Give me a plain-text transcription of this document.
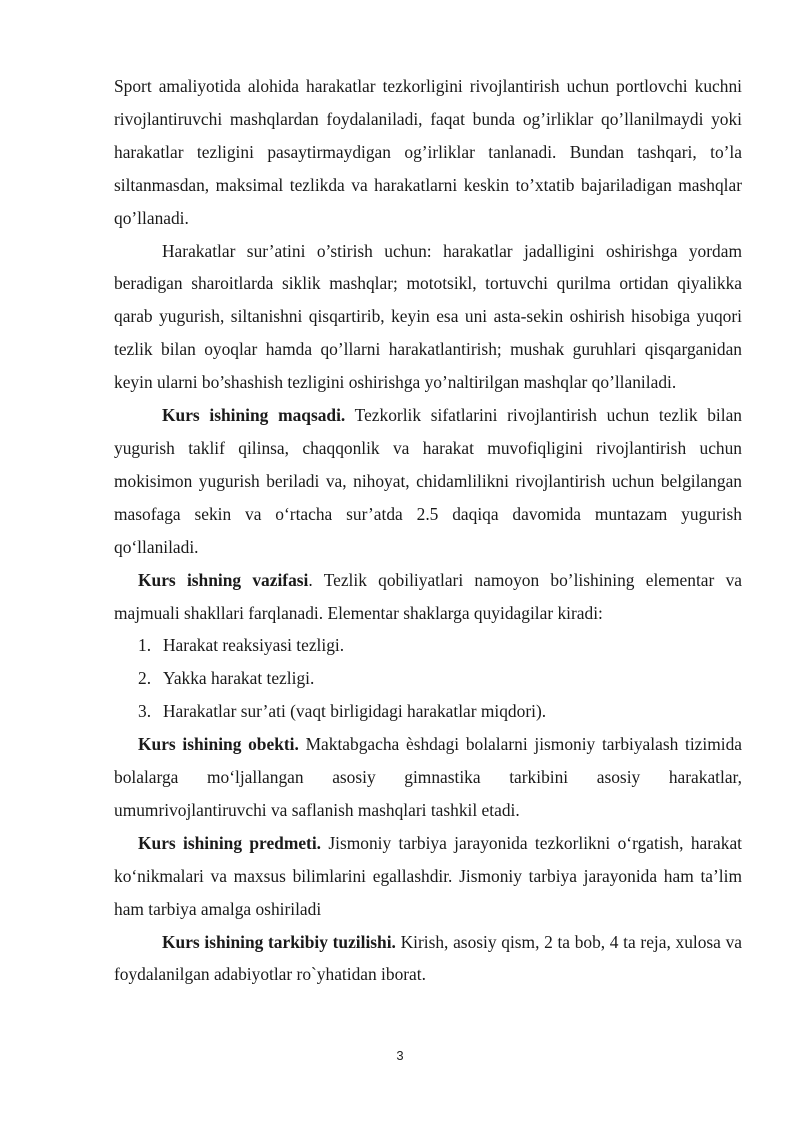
Sport amaliyotida alohida harakatlar tezkorligini rivojlantirish uchun portlovchi kuchni rivojlantiruvchi mashqlardan foydalaniladi, faqat bunda og’irliklar qo’llanilmaydi yoki harakatlar tezligini pasaytirmaydigan og’irliklar tanlanadi. Bundan tashqari, to’la siltanmasdan, maksimal tezlikda va harakatlarni keskin to’xtatib bajariladigan mashqlar qo’llanadi.

Harakatlar sur’atini o’stirish uchun: harakatlar jadalligini oshirishga yordam beradigan sharoitlarda siklik mashqlar; mototsikl, tortuvchi qurilma ortidan qiyalikka qarab yugurish, siltanishni qisqartirib, keyin esa uni asta-sekin oshirish hisobiga yuqori tezlik bilan oyoqlar hamda qo’llarni harakatlantirish; mushak guruhlari qisqarganidan keyin ularni bo’shashish tezligini oshirishga yo’naltirilgan mashqlar qo’llaniladi.

Kurs ishining maqsadi. Tezkorlik sifatlarini rivojlantirish uchun tezlik bilan yugurish taklif qilinsa, chaqqonlik va harakat muvofiqligini rivojlantirish uchun mokisimon yugurish beriladi va, nihoyat, chidamlilikni rivojlantirish uchun belgilangan masofaga sekin va o‘rtacha sur’atda 2.5 daqiqa davomida muntazam yugurish qo‘llaniladi.

Kurs ishning vazifasi. Tezlik qobiliyatlari namoyon bo’lishining elementar va majmuali shakllari farqlanadi. Elementar shaklarga quyidagilar kiradi:

1. Harakat reaksiyasi tezligi.
2. Yakka harakat tezligi.
3. Harakatlar sur’ati (vaqt birligidagi harakatlar miqdori).

Kurs ishining obekti. Maktabgacha èshdagi bolalarni jismoniy tarbiyalash tizimida bolalarga mo‘ljallangan asosiy gimnastika tarkibini asosiy harakatlar, umumrivojlantiruvchi va saflanish mashqlari tashkil etadi.

Kurs ishining predmeti. Jismoniy tarbiya jarayonida tezkorlikni o‘rgatish, harakat ko‘nikmalari va maxsus bilimlarini egallashdir. Jismoniy tarbiya jarayonida ham ta’lim ham tarbiya amalga oshiriladi

Kurs ishining tarkibiy tuzilishi. Kirish, asosiy qism, 2 ta bob, 4 ta reja, xulosa va foydalanilgan adabiyotlar ro`yhatidan iborat.

3
